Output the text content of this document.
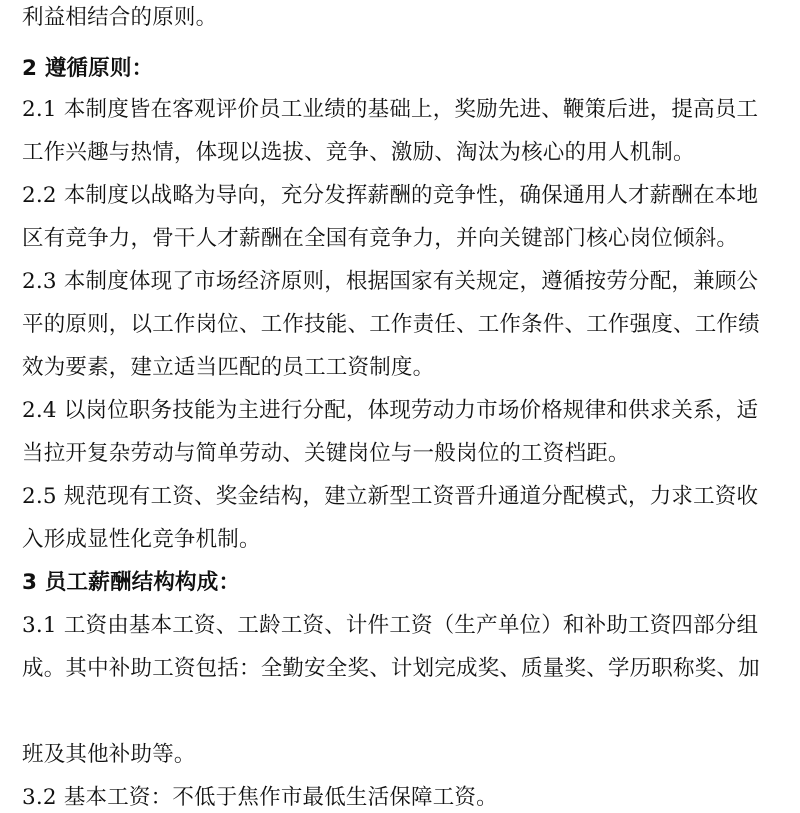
利益相结合的原则。
2 遵循原则：
2.1 本制度皆在客观评价员工业绩的基础上，奖励先进、鞭策后进，提高员工
工作兴趣与热情，体现以选拔、竞争、激励、淘汰为核心的用人机制。
2.2 本制度以战略为导向，充分发挥薪酬的竞争性，确保通用人才薪酬在本地
区有竞争力，骨干人才薪酬在全国有竞争力，并向关键部门核心岗位倾斜。
2.3 本制度体现了市场经济原则，根据国家有关规定，遵循按劳分配，兼顾公
平的原则，以工作岗位、工作技能、工作责任、工作条件、工作强度、工作绩
效为要素，建立适当匹配的员工工资制度。
2.4 以岗位职务技能为主进行分配，体现劳动力市场价格规律和供求关系，适
当拉开复杂劳动与简单劳动、关键岗位与一般岗位的工资档距。
2.5 规范现有工资、奖金结构，建立新型工资晋升通道分配模式，力求工资收
入形成显性化竞争机制。
3 员工薪酬结构构成：
3.1 工资由基本工资、工龄工资、计件工资（生产单位）和补助工资四部分组
成。其中补助工资包括：全勤安全奖、计划完成奖、质量奖、学历职称奖、加
班及其他补助等。
3.2 基本工资：不低于焦作市最低生活保障工资。
